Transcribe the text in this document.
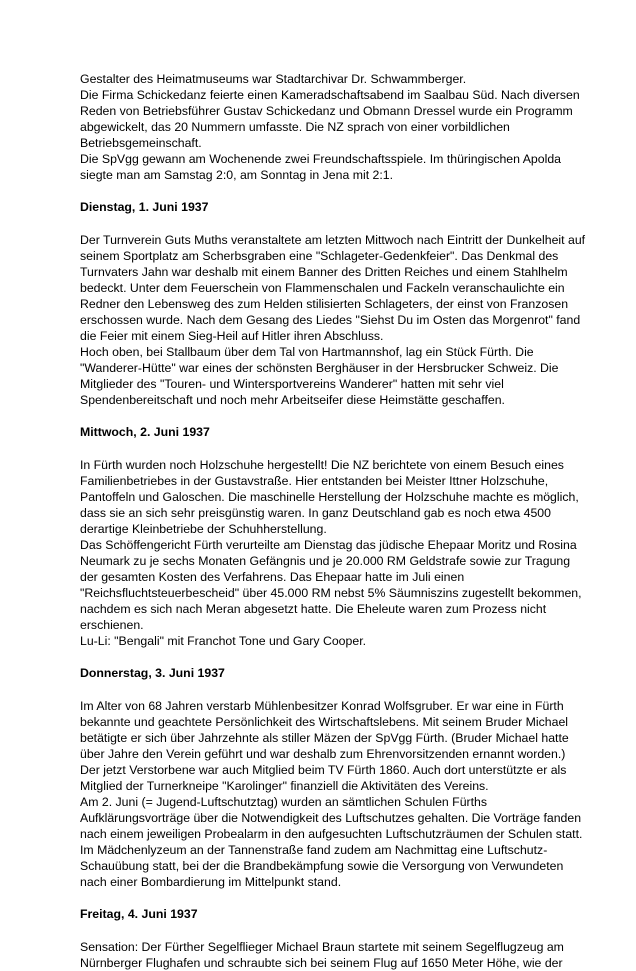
Gestalter des Heimatmuseums war Stadtarchivar Dr. Schwammberger.
Die Firma Schickedanz feierte einen Kameradschaftsabend im Saalbau Süd. Nach diversen
Reden von Betriebsführer Gustav Schickedanz und Obmann Dressel wurde ein Programm
abgewickelt, das 20 Nummern umfasste. Die NZ sprach von einer vorbildlichen
Betriebsgemeinschaft.
Die SpVgg gewann am Wochenende zwei Freundschaftsspiele. Im thüringischen Apolda
siegte man am Samstag 2:0, am Sonntag in Jena mit 2:1.
Dienstag, 1. Juni 1937
Der Turnverein Guts Muths veranstaltete am letzten Mittwoch nach Eintritt der Dunkelheit auf
seinem Sportplatz am Scherbsgraben eine "Schlageter-Gedenkfeier". Das Denkmal des
Turnvaters Jahn war deshalb mit einem Banner des Dritten Reiches und einem Stahlhelm
bedeckt. Unter dem Feuerschein von Flammenschalen und Fackeln veranschaulichte ein
Redner den Lebensweg des zum Helden stilisierten Schlageters, der einst von Franzosen
erschossen wurde. Nach dem Gesang des Liedes "Siehst Du im Osten das Morgenrot" fand
die Feier mit einem Sieg-Heil auf Hitler ihren Abschluss.
Hoch oben, bei Stallbaum über dem Tal von Hartmannshof, lag ein Stück Fürth. Die
"Wanderer-Hütte" war eines der schönsten Berghäuser in der Hersbrucker Schweiz. Die
Mitglieder des "Touren- und Wintersportvereins Wanderer" hatten mit sehr viel
Spendenbereitschaft und noch mehr Arbeitseifer diese Heimstätte geschaffen.
Mittwoch, 2. Juni 1937
In Fürth wurden noch Holzschuhe hergestellt! Die NZ berichtete von einem Besuch eines
Familienbetriebes in der Gustavstraße. Hier entstanden bei Meister Ittner Holzschuhe,
Pantoffeln und Galoschen. Die maschinelle Herstellung der Holzschuhe machte es möglich,
dass sie an sich sehr preisgünstig waren. In ganz Deutschland gab es noch etwa 4500
derartige Kleinbetriebe der Schuhherstellung.
Das Schöffengericht Fürth verurteilte am Dienstag das jüdische Ehepaar Moritz und Rosina
Neumark zu je sechs Monaten Gefängnis und je 20.000 RM Geldstrafe sowie zur Tragung
der gesamten Kosten des Verfahrens. Das Ehepaar hatte im Juli einen
"Reichsfluchtsteuerbescheid" über 45.000 RM nebst 5% Säumniszins zugestellt bekommen,
nachdem es sich nach Meran abgesetzt hatte. Die Eheleute waren zum Prozess nicht
erschienen.
Lu-Li: "Bengali" mit Franchot Tone und Gary Cooper.
Donnerstag, 3. Juni 1937
Im Alter von 68 Jahren verstarb Mühlenbesitzer Konrad Wolfsgruber. Er war eine in Fürth
bekannte und geachtete Persönlichkeit des Wirtschaftslebens. Mit seinem Bruder Michael
betätigte er sich über Jahrzehnte als stiller Mäzen der SpVgg Fürth. (Bruder Michael hatte
über Jahre den Verein geführt und war deshalb zum Ehrenvorsitzenden ernannt worden.)
Der jetzt Verstorbene war auch Mitglied beim TV Fürth 1860. Auch dort unterstützte er als
Mitglied der Turnerkneipe "Karolinger" finanziell die Aktivitäten des Vereins.
Am 2. Juni (= Jugend-Luftschutztag) wurden an sämtlichen Schulen Fürths
Aufklärungsvorträge über die Notwendigkeit des Luftschutzes gehalten. Die Vorträge fanden
nach einem jeweiligen Probealarm in den aufgesuchten Luftschutzräumen der Schulen statt.
Im Mädchenlyzeum an der Tannenstraße fand zudem am Nachmittag eine Luftschutz-
Schauübung statt, bei der die Brandbekämpfung sowie die Versorgung von Verwundeten
nach einer Bombardierung im Mittelpunkt stand.
Freitag, 4. Juni 1937
Sensation: Der Fürther Segelflieger Michael Braun startete mit seinem Segelflugzeug am
Nürnberger Flughafen und schraubte sich bei seinem Flug auf 1650 Meter Höhe, wie der
